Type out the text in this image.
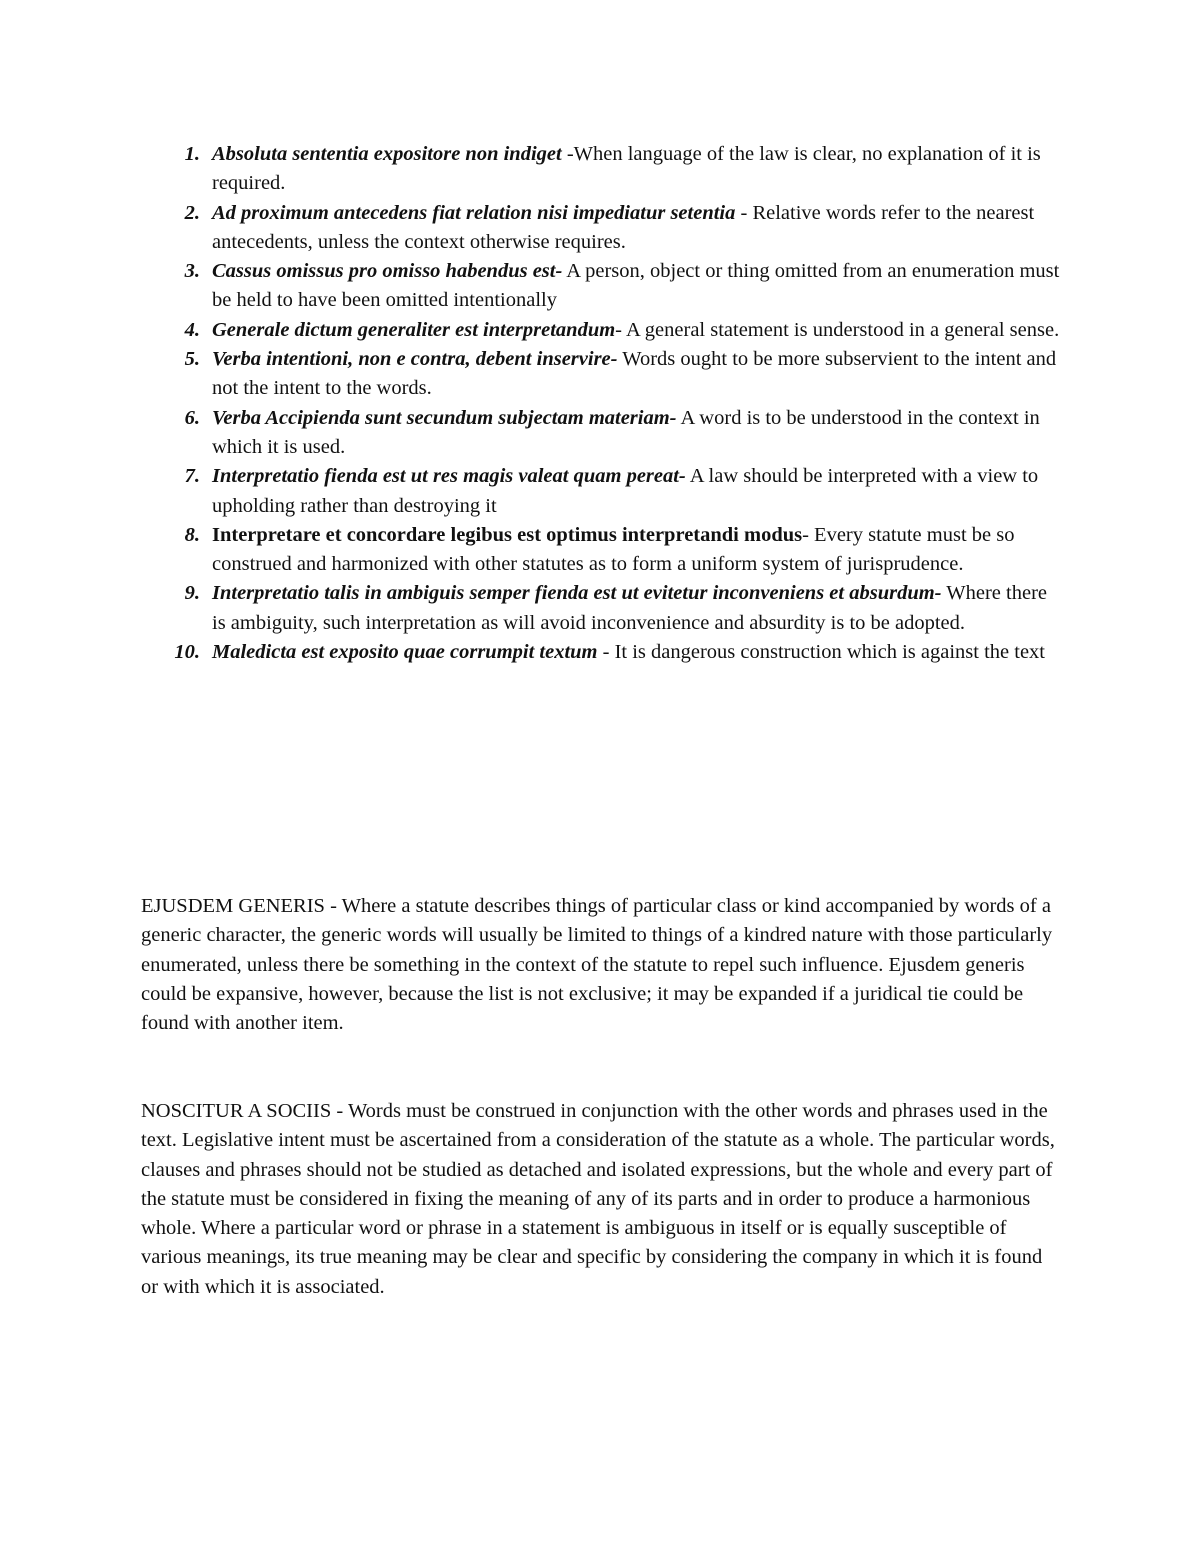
1. Absoluta sententia expositore non indiget -When language of the law is clear, no explanation of it is required.
2. Ad proximum antecedens fiat relation nisi impediatur setentia - Relative words refer to the nearest antecedents, unless the context otherwise requires.
3. Cassus omissus pro omisso habendus est- A person, object or thing omitted from an enumeration must be held to have been omitted intentionally
4. Generale dictum generaliter est interpretandum- A general statement is understood in a general sense.
5. Verba intentioni, non e contra, debent inservire- Words ought to be more subservient to the intent and not the intent to the words.
6. Verba Accipienda sunt secundum subjectam materiam- A word is to be understood in the context in which it is used.
7. Interpretatio fienda est ut res magis valeat quam pereat- A law should be interpreted with a view to upholding rather than destroying it
8. Interpretare et concordare legibus est optimus interpretandi modus- Every statute must be so construed and harmonized with other statutes as to form a uniform system of jurisprudence.
9. Interpretatio talis in ambiguis semper fienda est ut evitetur inconveniens et absurdum- Where there is ambiguity, such interpretation as will avoid inconvenience and absurdity is to be adopted.
10. Maledicta est exposito quae corrumpit textum - It is dangerous construction which is against the text

EJUSDEM GENERIS - Where a statute describes things of particular class or kind accompanied by words of a generic character, the generic words will usually be limited to things of a kindred nature with those particularly enumerated, unless there be something in the context of the statute to repel such influence. Ejusdem generis could be expansive, however, because the list is not exclusive; it may be expanded if a juridical tie could be found with another item.

NOSCITUR A SOCIIS - Words must be construed in conjunction with the other words and phrases used in the text. Legislative intent must be ascertained from a consideration of the statute as a whole. The particular words, clauses and phrases should not be studied as detached and isolated expressions, but the whole and every part of the statute must be considered in fixing the meaning of any of its parts and in order to produce a harmonious whole. Where a particular word or phrase in a statement is ambiguous in itself or is equally susceptible of various meanings, its true meaning may be clear and specific by considering the company in which it is found or with which it is associated.
